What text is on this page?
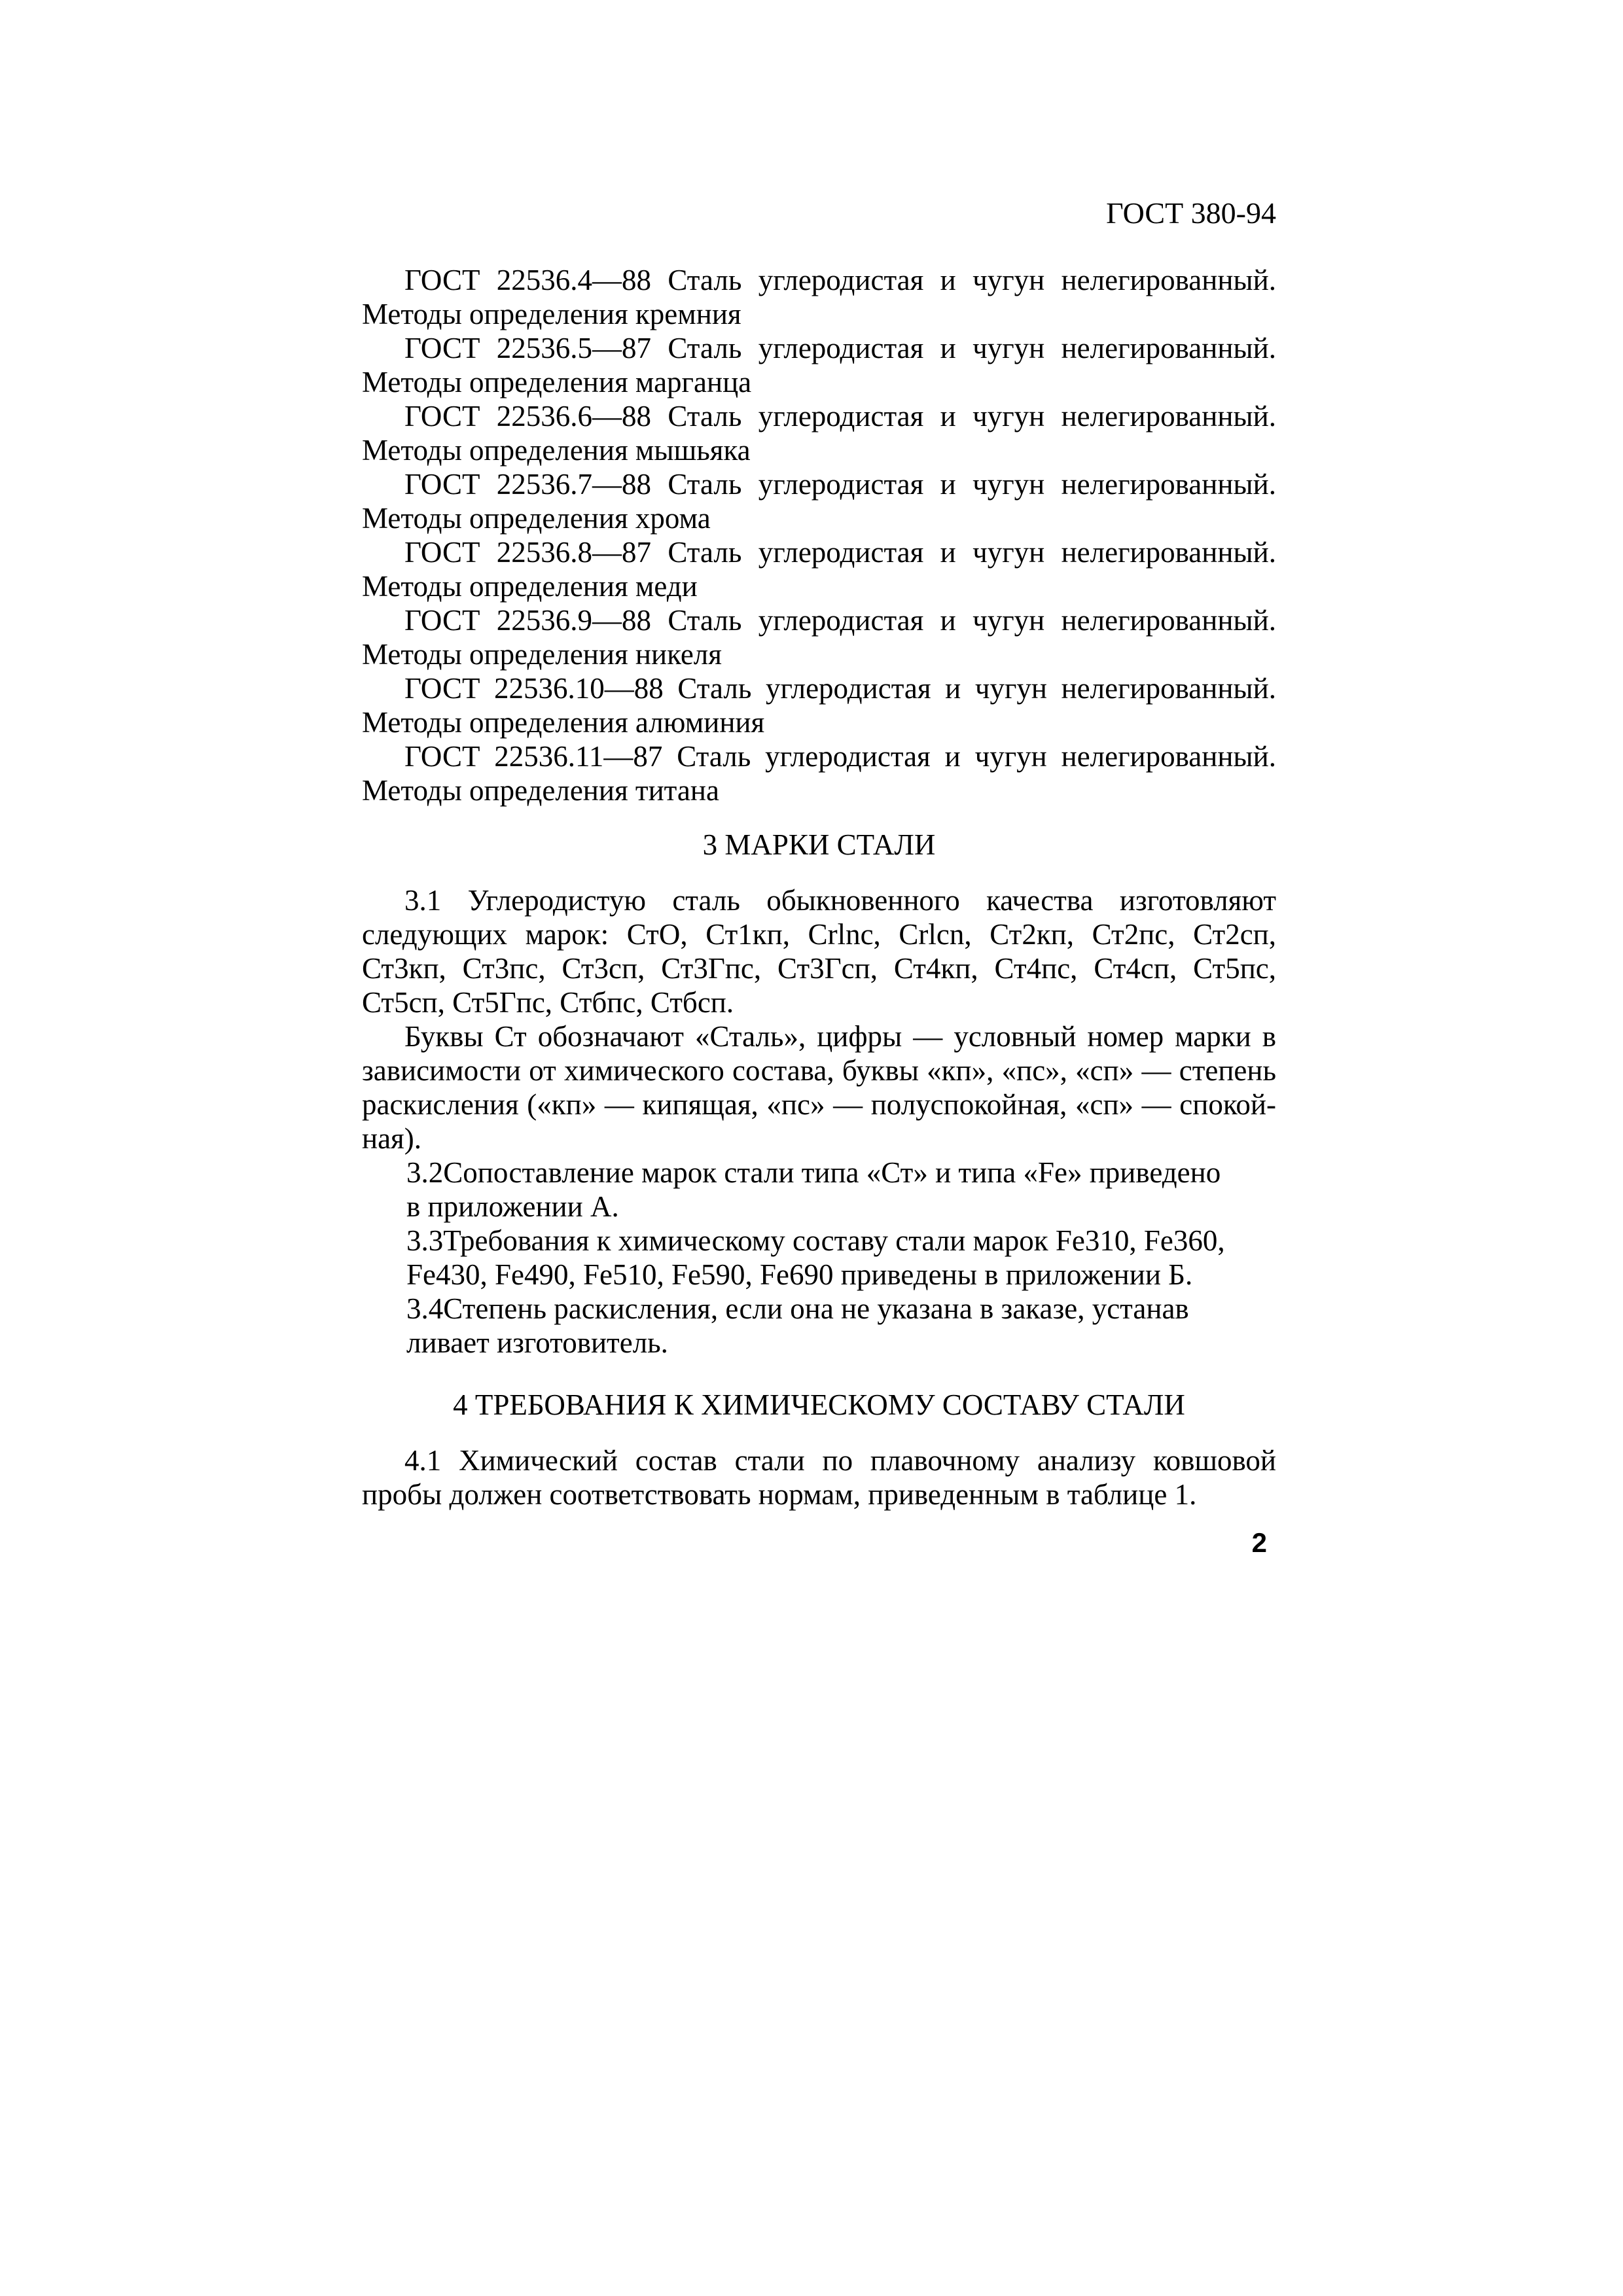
ГОСТ 380-94
ГОСТ 22536.4—88 Сталь углеродистая и чугун нелегированный.
Методы определения кремния
ГОСТ 22536.5—87 Сталь углеродистая и чугун нелегированный.
Методы определения марганца
ГОСТ 22536.6—88 Сталь углеродистая и чугун нелегированный.
Методы определения мышьяка
ГОСТ 22536.7—88 Сталь углеродистая и чугун нелегированный.
Методы определения хрома
ГОСТ 22536.8—87 Сталь углеродистая и чугун нелегированный.
Методы определения меди
ГОСТ 22536.9—88 Сталь углеродистая и чугун нелегированный.
Методы определения никеля
ГОСТ 22536.10—88 Сталь углеродистая и чугун нелегированный.
Методы определения алюминия
ГОСТ 22536.11—87 Сталь углеродистая и чугун нелегированный.
Методы определения титана
3 МАРКИ СТАЛИ
3.1 Углеродистую сталь обыкновенного качества изготовляют
следующих марок: СтО, Ст1кп, Crlnc, Crlcn, Ст2кп, Ст2пс, Ст2сп,
Ст3кп, Ст3пс, Ст3сп, Ст3Гпс, Ст3Гсп, Ст4кп, Ст4пс, Ст4сп, Ст5пс,
Ст5сп, Ст5Гпс, Стбпс, Стбсп.
Буквы Ст обозначают «Сталь», цифры — условный номер марки в
зависимости от химического состава, буквы «кп», «пс», «сп» — степень
раскисления («кп» — кипящая, «пс» — полуспокойная, «сп» — спокой-
ная).
3.2Сопоставление марок стали типа «Ст» и типа «Fe» приведено
в приложении А.
3.3Требования к химическому составу стали марок Fe310, Fe360,
Fe430, Fe490, Fe510, Fe590, Fe690 приведены в приложении Б.
3.4Степень раскисления, если она не указана в заказе, устанав
ливает изготовитель.
4 ТРЕБОВАНИЯ К ХИМИЧЕСКОМУ СОСТАВУ СТАЛИ
4.1 Химический состав стали по плавочному анализу ковшовой
пробы должен соответствовать нормам, приведенным в таблице 1.
2
